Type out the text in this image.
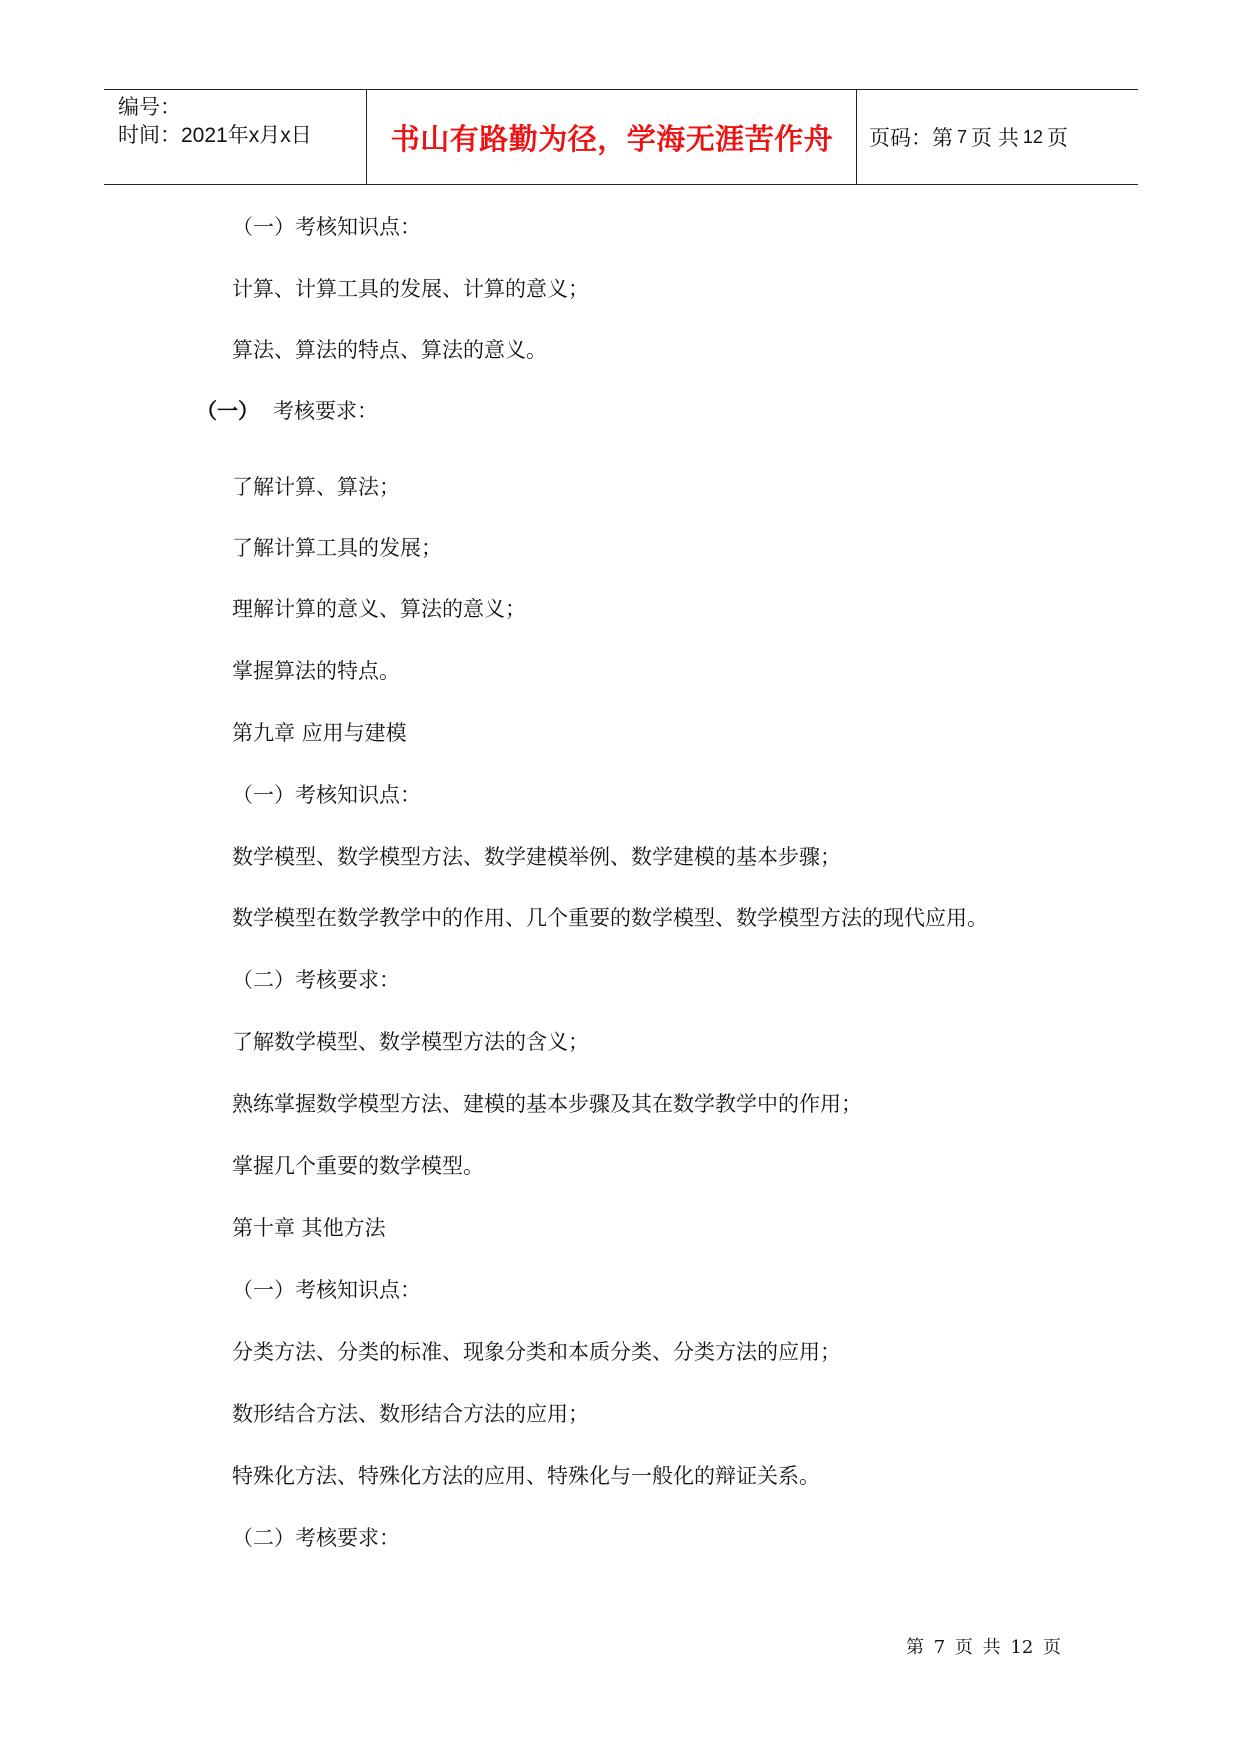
编号：
时间：2021年x月x日	书山有路勤为径，学海无涯苦作舟	页码：第 7 页 共 12 页
（一）考核知识点：
计算、计算工具的发展、计算的意义；
算法、算法的特点、算法的意义。
（一） 考核要求：
了解计算、算法；
了解计算工具的发展；
理解计算的意义、算法的意义；
掌握算法的特点。
第九章 应用与建模
（一）考核知识点：
数学模型、数学模型方法、数学建模举例、数学建模的基本步骤；
数学模型在数学教学中的作用、几个重要的数学模型、数学模型方法的现代应用。
（二）考核要求：
了解数学模型、数学模型方法的含义；
熟练掌握数学模型方法、建模的基本步骤及其在数学教学中的作用；
掌握几个重要的数学模型。
第十章 其他方法
（一）考核知识点：
分类方法、分类的标准、现象分类和本质分类、分类方法的应用；
数形结合方法、数形结合方法的应用；
特殊化方法、特殊化方法的应用、特殊化与一般化的辩证关系。
（二）考核要求：
第 7 页 共 12 页
